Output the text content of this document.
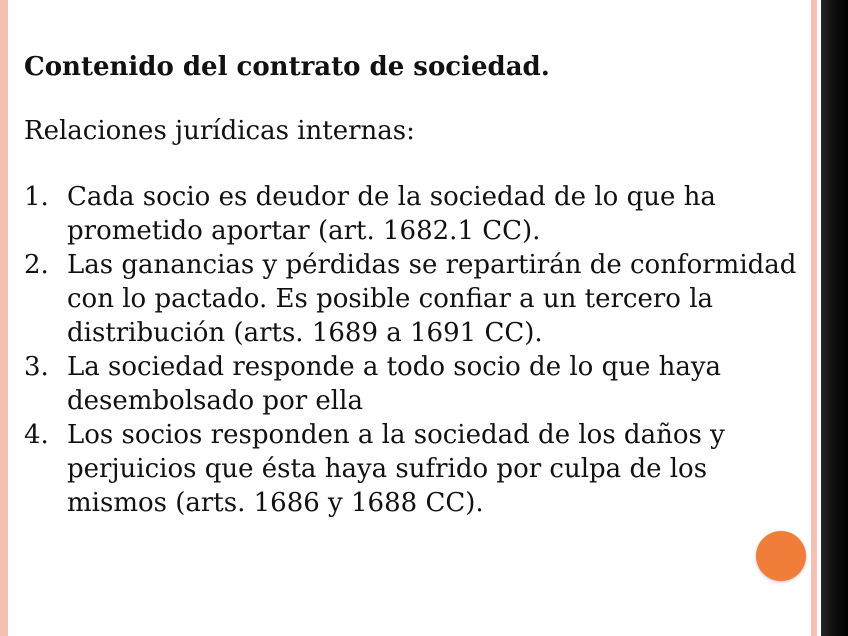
Contenido del contrato de sociedad.

Relaciones jurídicas internas:

1. Cada socio es deudor de la sociedad de lo que ha prometido aportar (art. 1682.1 CC).
2. Las ganancias y pérdidas se repartirán de conformidad con lo pactado. Es posible confiar a un tercero la distribución (arts. 1689 a 1691 CC).
3. La sociedad responde a todo socio de lo que haya desembolsado por ella
4. Los socios responden a la sociedad de los daños y perjuicios que ésta haya sufrido por culpa de los mismos (arts. 1686 y 1688 CC).
